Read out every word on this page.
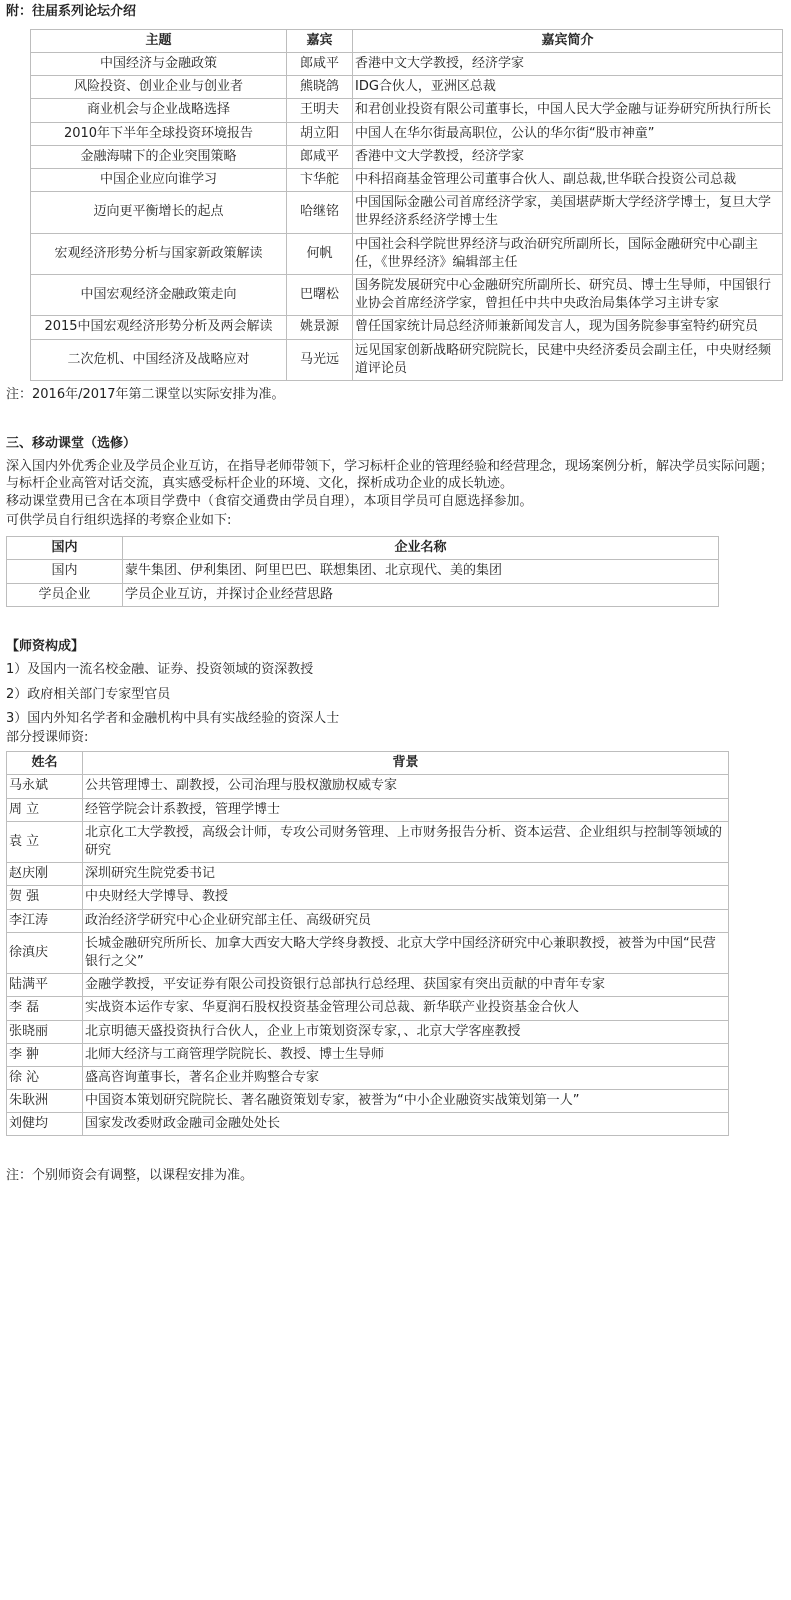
附：往届系列论坛介绍

主题	嘉宾	嘉宾简介
中国经济与金融政策	郎咸平	香港中文大学教授，经济学家
风险投资、创业企业与创业者	熊晓鸽	IDG合伙人，亚洲区总裁
商业机会与企业战略选择	王明夫	和君创业投资有限公司董事长，中国人民大学金融与证券研究所执行所长
2010年下半年全球投资环境报告	胡立阳	中国人在华尔街最高职位，公认的华尔街“股市神童”
金融海啸下的企业突围策略	郎咸平	香港中文大学教授，经济学家
中国企业应向谁学习	卞华舵	中科招商基金管理公司董事合伙人、副总裁,世华联合投资公司总裁
迈向更平衡增长的起点	哈继铭	中国国际金融公司首席经济学家，美国堪萨斯大学经济学博士，复旦大学世界经济系经济学博士生
宏观经济形势分析与国家新政策解读	何帆	中国社会科学院世界经济与政治研究所副所长，国际金融研究中心副主任，《世界经济》编辑部主任
中国宏观经济金融政策走向	巴曙松	国务院发展研究中心金融研究所副所长、研究员、博士生导师，中国银行业协会首席经济学家，曾担任中共中央政治局集体学习主讲专家
2015中国宏观经济形势分析及两会解读	姚景源	曾任国家统计局总经济师兼新闻发言人，现为国务院参事室特约研究员
二次危机、中国经济及战略应对	马光远	远见国家创新战略研究院院长，民建中央经济委员会副主任，中央财经频道评论员

注：2016年/2017年第二课堂以实际安排为准。

三、移动课堂（选修）

深入国内外优秀企业及学员企业互访，在指导老师带领下，学习标杆企业的管理经验和经营理念，现场案例分析，解决学员实际问题；与标杆企业高管对话交流，真实感受标杆企业的环境、文化，探析成功企业的成长轨迹。

移动课堂费用已含在本项目学费中（食宿交通费由学员自理），本项目学员可自愿选择参加。

可供学员自行组织选择的考察企业如下:

国内	企业名称
国内	蒙牛集团、伊利集团、阿里巴巴、联想集团、北京现代、美的集团
学员企业	学员企业互访，并探讨企业经营思路

【师资构成】

1）及国内一流名校金融、证券、投资领域的资深教授

2）政府相关部门专家型官员

3）国内外知名学者和金融机构中具有实战经验的资深人士

部分授课师资:

姓名	背景
马永斌	公共管理博士、副教授，公司治理与股权激励权威专家
周 立	经管学院会计系教授，管理学博士
袁 立	北京化工大学教授，高级会计师，专攻公司财务管理、上市财务报告分析、资本运营、企业组织与控制等领域的研究
赵庆刚	深圳研究生院党委书记
贺 强	中央财经大学博导、教授
李江涛	政治经济学研究中心企业研究部主任、高级研究员
徐滇庆	长城金融研究所所长、加拿大西安大略大学终身教授、北京大学中国经济研究中心兼职教授，被誉为中国“民营银行之父”
陆满平	金融学教授，平安证券有限公司投资银行总部执行总经理、获国家有突出贡献的中青年专家
李 磊	实战资本运作专家、华夏润石股权投资基金管理公司总裁、新华联产业投资基金合伙人
张晓丽	北京明德天盛投资执行合伙人，企业上市策划资深专家，、北京大学客座教授
李 翀	北师大经济与工商管理学院院长、教授、博士生导师
徐 沁	盛高咨询董事长，著名企业并购整合专家
朱耿洲	中国资本策划研究院院长、著名融资策划专家，被誉为“中小企业融资实战策划第一人”
刘健均	国家发改委财政金融司金融处处长

注：个别师资会有调整，以课程安排为准。
